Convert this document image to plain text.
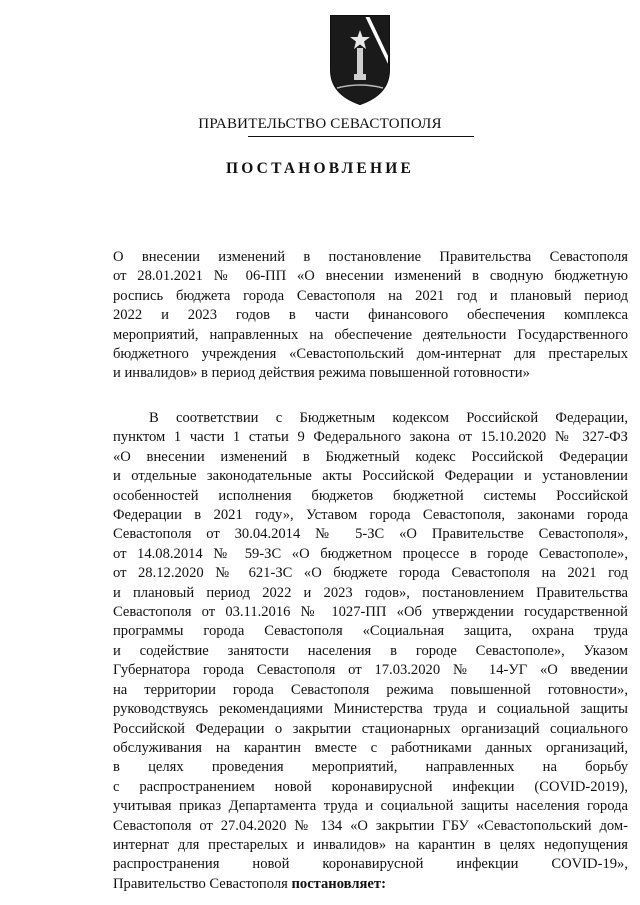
ПРАВИТЕЛЬСТВО СЕВАСТОПОЛЯ
ПОСТАНОВЛЕНИЕ
О внесении изменений в постановление Правительства Севастополя
от 28.01.2021 № 06-ПП «О внесении изменений в сводную бюджетную
роспись бюджета города Севастополя на 2021 год и плановый период
2022 и 2023 годов в части финансового обеспечения комплекса
мероприятий, направленных на обеспечение деятельности Государственного
бюджетного учреждения «Севастопольский дом-интернат для престарелых
и инвалидов» в период действия режима повышенной готовности»
В соответствии с Бюджетным кодексом Российской Федерации,
пунктом 1 части 1 статьи 9 Федерального закона от 15.10.2020 № 327-ФЗ
«О внесении изменений в Бюджетный кодекс Российской Федерации
и отдельные законодательные акты Российской Федерации и установлении
особенностей исполнения бюджетов бюджетной системы Российской
Федерации в 2021 году», Уставом города Севастополя, законами города
Севастополя от 30.04.2014 № 5-ЗС «О Правительстве Севастополя»,
от 14.08.2014 № 59-ЗС «О бюджетном процессе в городе Севастополе»,
от 28.12.2020 № 621-ЗС «О бюджете города Севастополя на 2021 год
и плановый период 2022 и 2023 годов», постановлением Правительства
Севастополя от 03.11.2016 № 1027-ПП «Об утверждении государственной
программы города Севастополя «Социальная защита, охрана труда
и содействие занятости населения в городе Севастополе», Указом
Губернатора города Севастополя от 17.03.2020 № 14-УГ «О введении
на территории города Севастополя режима повышенной готовности»,
руководствуясь рекомендациями Министерства труда и социальной защиты
Российской Федерации о закрытии стационарных организаций социального
обслуживания на карантин вместе с работниками данных организаций,
в целях проведения мероприятий, направленных на борьбу
с распространением новой коронавирусной инфекции (COVID-2019),
учитывая приказ Департамента труда и социальной защиты населения города
Севастополя от 27.04.2020 № 134 «О закрытии ГБУ «Севастопольский дом-
интернат для престарелых и инвалидов» на карантин в целях недопущения
распространения новой коронавирусной инфекции COVID-19»,
Правительство Севастополя постановляет:
